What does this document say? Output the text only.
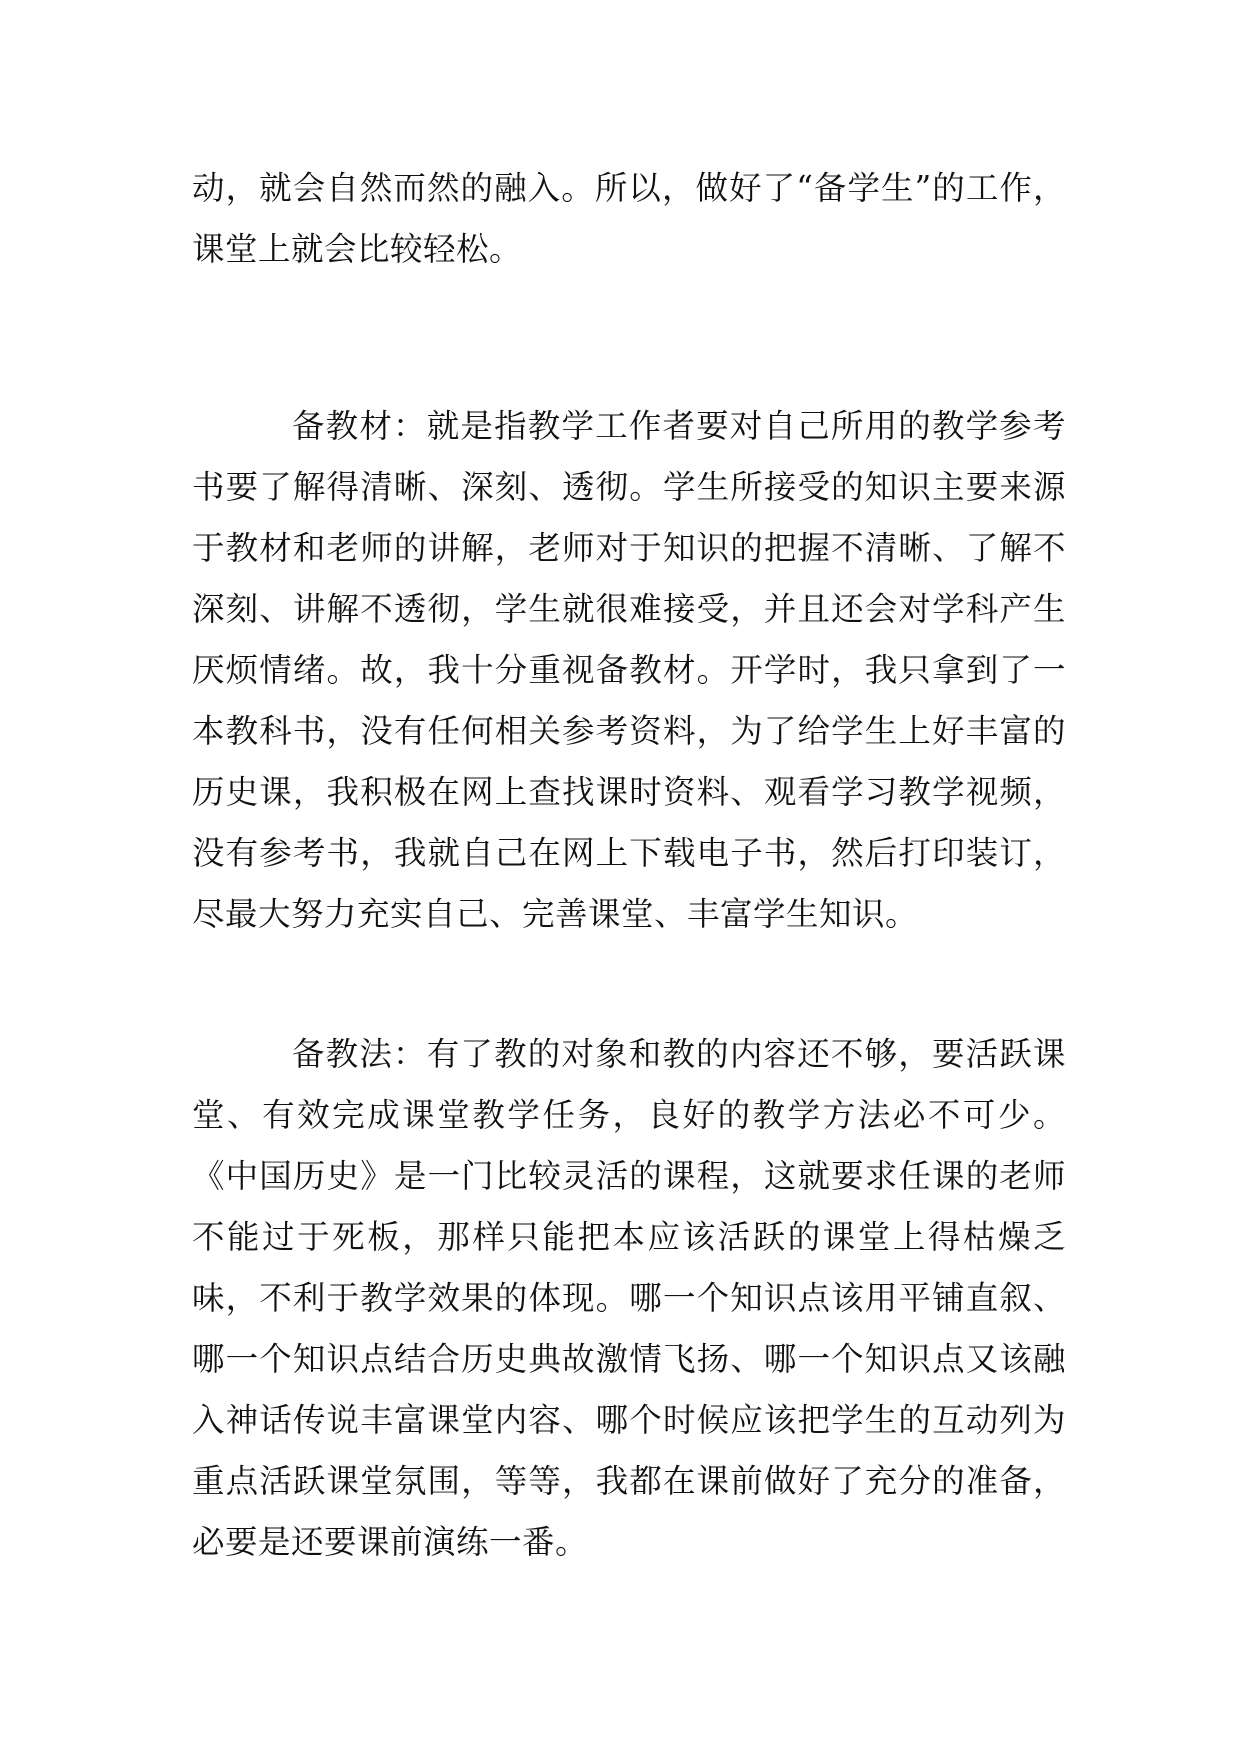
动，就会自然而然的融入。所以，做好了“备学生”的工作，课堂上就会比较轻松。

备教材：就是指教学工作者要对自己所用的教学参考书要了解得清晰、深刻、透彻。学生所接受的知识主要来源于教材和老师的讲解，老师对于知识的把握不清晰、了解不深刻、讲解不透彻，学生就很难接受，并且还会对学科产生厌烦情绪。故，我十分重视备教材。开学时，我只拿到了一本教科书，没有任何相关参考资料，为了给学生上好丰富的历史课，我积极在网上查找课时资料、观看学习教学视频，没有参考书，我就自己在网上下载电子书，然后打印装订，尽最大努力充实自己、完善课堂、丰富学生知识。

备教法：有了教的对象和教的内容还不够，要活跃课堂、有效完成课堂教学任务，良好的教学方法必不可少。《中国历史》是一门比较灵活的课程，这就要求任课的老师不能过于死板，那样只能把本应该活跃的课堂上得枯燥乏味，不利于教学效果的体现。哪一个知识点该用平铺直叙、哪一个知识点结合历史典故激情飞扬、哪一个知识点又该融入神话传说丰富课堂内容、哪个时候应该把学生的互动列为重点活跃课堂氛围，等等，我都在课前做好了充分的准备，必要是还要课前演练一番。
